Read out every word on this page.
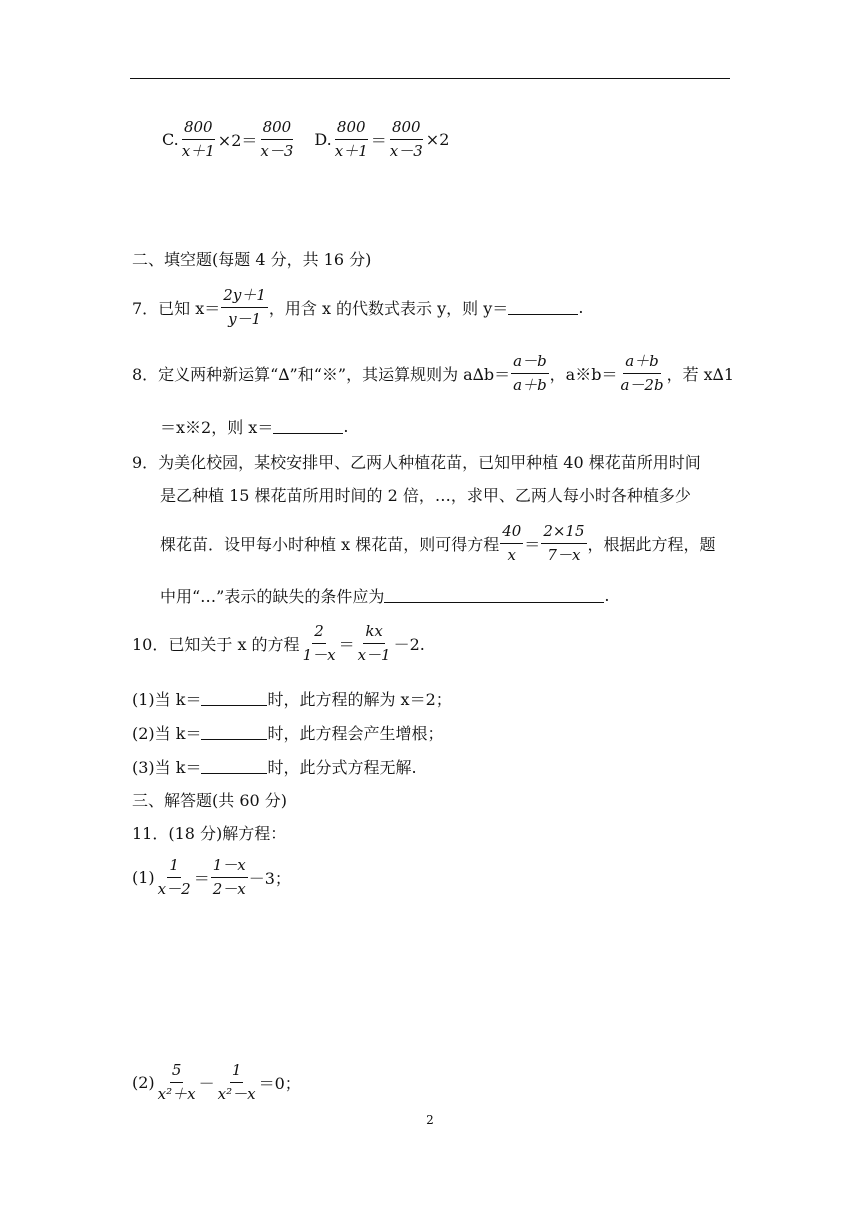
C. $\frac{800}{x+1} \times 2= \frac{800}{x-3} D$. $\frac{800}{x+1} = \frac{800}{x-3} \times 2$
二、填空题(每题 4 分，共 16 分)
7．已知 $x= \frac{2y+1}{y-1}$ ，用含 x 的代数式表示 y，则 y＝	.
8．定义两种新运算“∆”和“※”，其运算规则为 $a\Delta b= \frac{a-b}{a+b}$ ，a※b＝ $\frac{a+b}{a-2b}$ ，若 x∆1
＝x※2，则 x＝	.
9．为美化校园，某校安排甲、乙两人种植花苗，已知甲种植 40 棵花苗所用时间
是乙种植 15 棵花苗所用时间的 2 倍，…，求甲、乙两人每小时各种植多少
棵花苗．设甲每小时种植 x 棵花苗，则可得方程 $\frac{40}{x} = \frac{2\times 15}{7-x}$ ，根据此方程，题
中用“…”表示的缺失的条件应为	.
10．已知关于 x 的方程 $\frac{2}{1-x} = \frac{kx}{x-1} -2$.
(1)当 k＝	时，此方程的解为 x＝2；
(2)当 k＝	时，此方程会产生增根；
(3)当 k＝	时，此分式方程无解.
三、解答题(共 60 分)
11．(18 分)解方程：
$(1) \frac{1}{x-2} = \frac{1-x}{2-x} -3$；
$(2) \frac{5}{\text{x²＋x}} - \frac{1}{\text{x²－x}} =0$；
2
